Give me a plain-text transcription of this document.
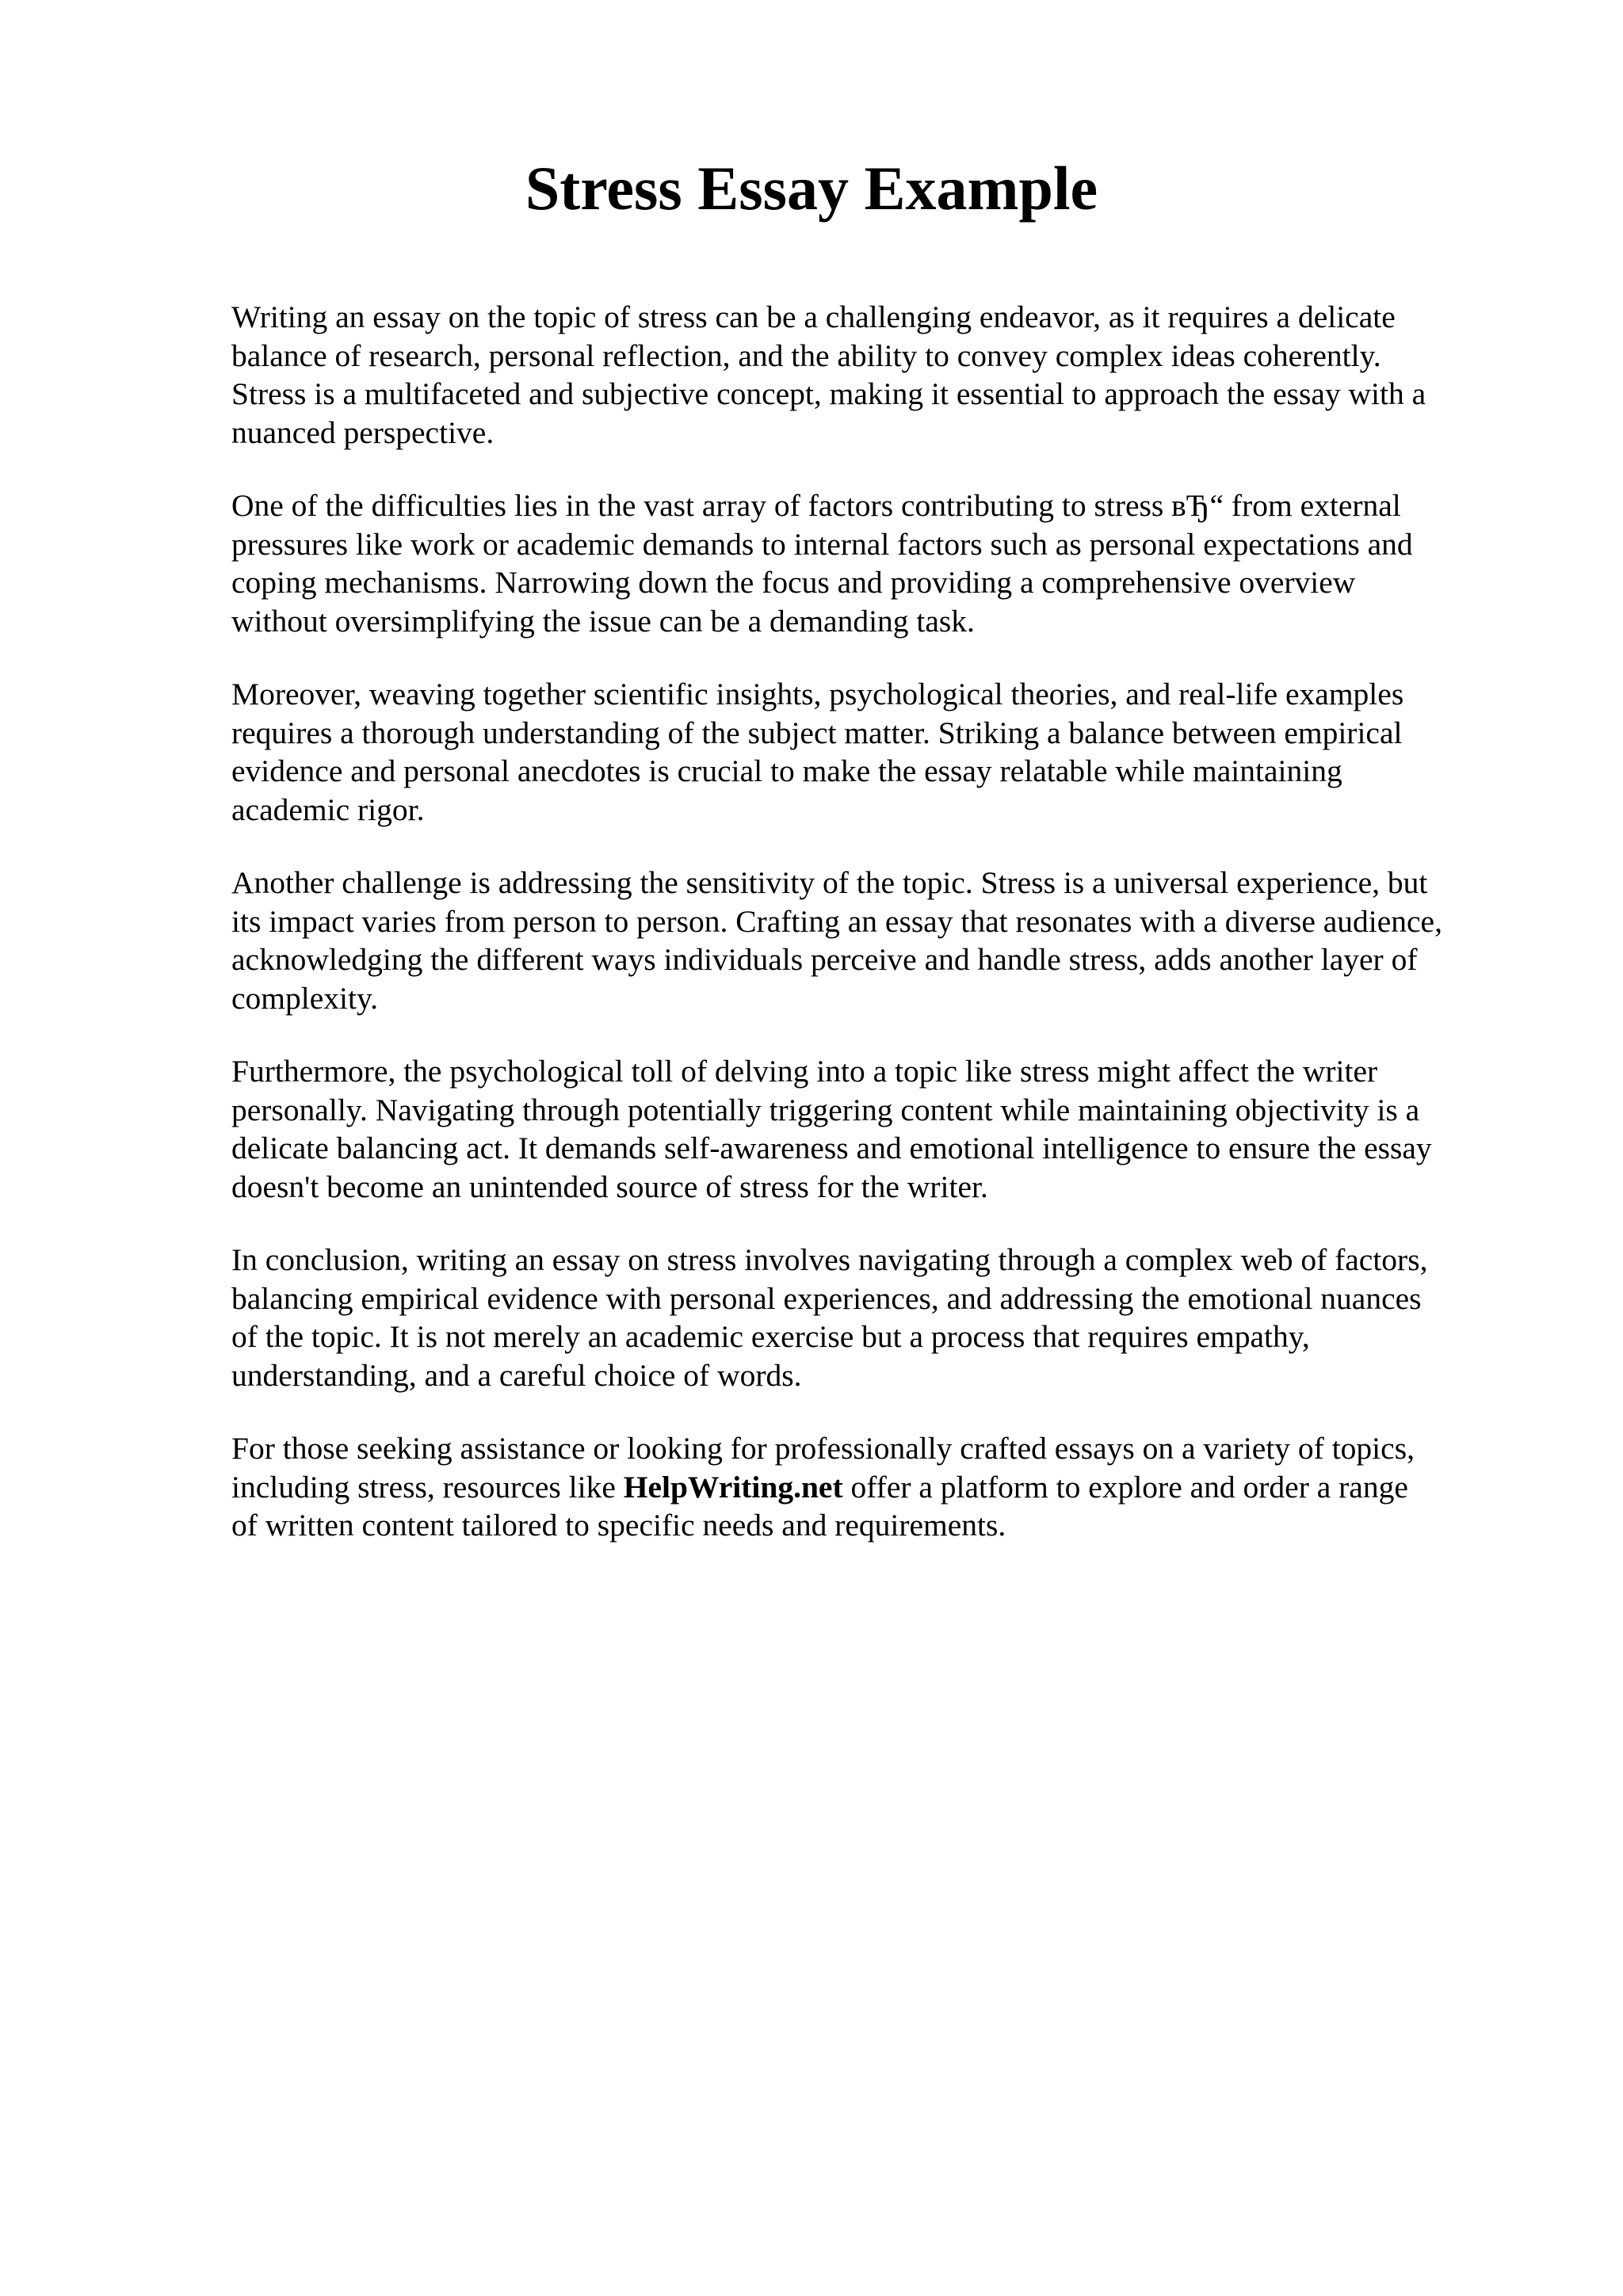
Stress Essay Example

Writing an essay on the topic of stress can be a challenging endeavor, as it requires a delicate
balance of research, personal reflection, and the ability to convey complex ideas coherently.
Stress is a multifaceted and subjective concept, making it essential to approach the essay with a
nuanced perspective.

One of the difficulties lies in the vast array of factors contributing to stress вЂ“ from external
pressures like work or academic demands to internal factors such as personal expectations and
coping mechanisms. Narrowing down the focus and providing a comprehensive overview
without oversimplifying the issue can be a demanding task.

Moreover, weaving together scientific insights, psychological theories, and real-life examples
requires a thorough understanding of the subject matter. Striking a balance between empirical
evidence and personal anecdotes is crucial to make the essay relatable while maintaining
academic rigor.

Another challenge is addressing the sensitivity of the topic. Stress is a universal experience, but
its impact varies from person to person. Crafting an essay that resonates with a diverse audience,
acknowledging the different ways individuals perceive and handle stress, adds another layer of
complexity.

Furthermore, the psychological toll of delving into a topic like stress might affect the writer
personally. Navigating through potentially triggering content while maintaining objectivity is a
delicate balancing act. It demands self-awareness and emotional intelligence to ensure the essay
doesn't become an unintended source of stress for the writer.

In conclusion, writing an essay on stress involves navigating through a complex web of factors,
balancing empirical evidence with personal experiences, and addressing the emotional nuances
of the topic. It is not merely an academic exercise but a process that requires empathy,
understanding, and a careful choice of words.

For those seeking assistance or looking for professionally crafted essays on a variety of topics,
including stress, resources like HelpWriting.net offer a platform to explore and order a range
of written content tailored to specific needs and requirements.
